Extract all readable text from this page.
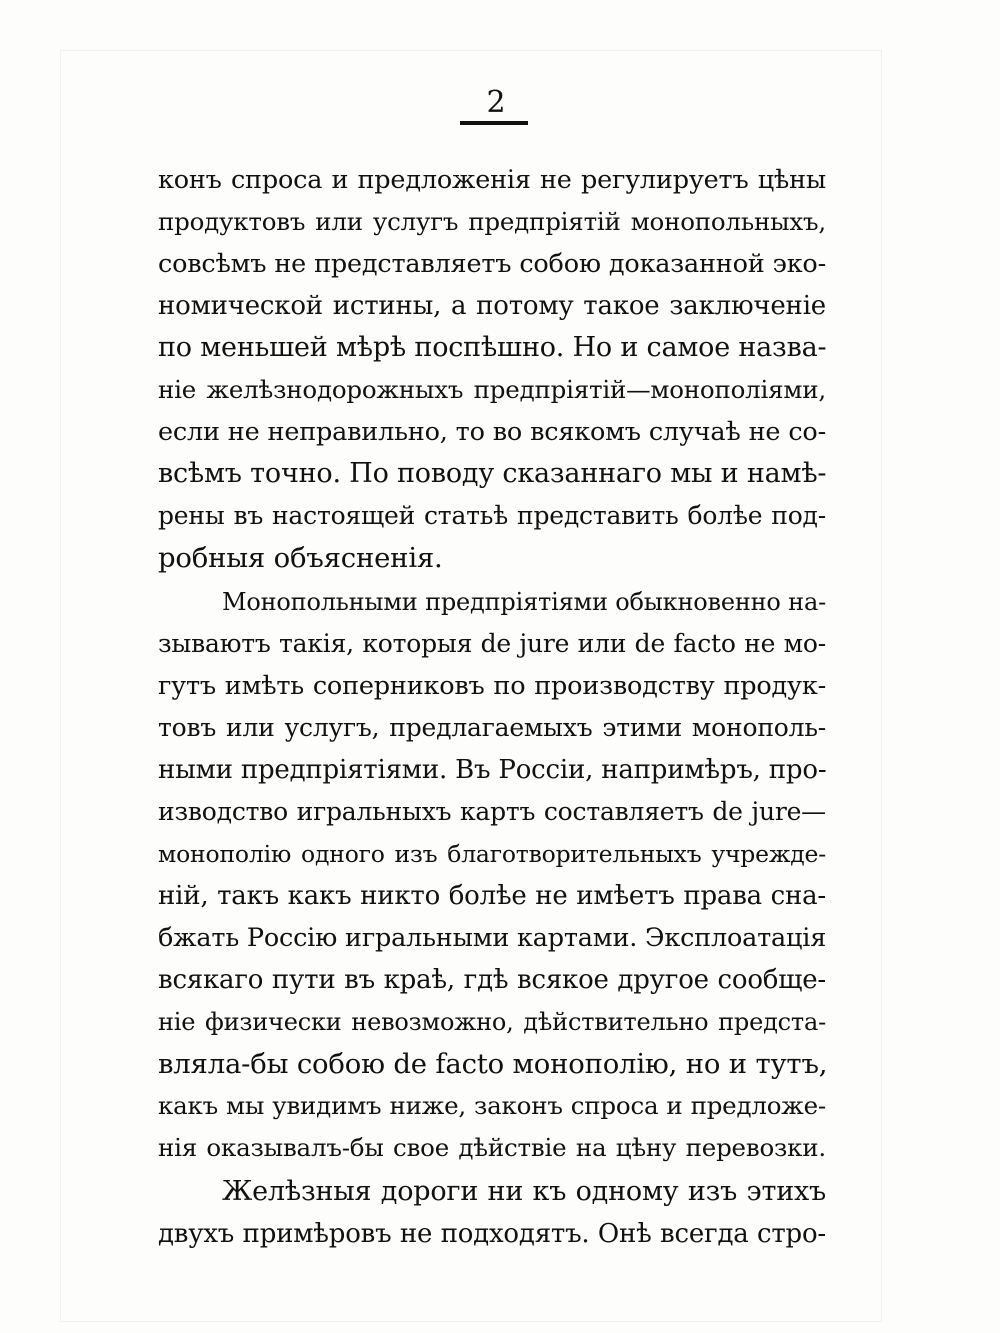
2
конъ спроса и предложенія не регулируетъ цѣны
продуктовъ или услугъ предпріятій монопольныхъ,
совсѣмъ не представляетъ собою доказанной эко-
номической истины, а потому такое заключеніе
по меньшей мѣрѣ поспѣшно. Но и самое назва-
ніе желѣзнодорожныхъ предпріятій—монополіями,
если не неправильно, то во всякомъ случаѣ не со-
всѣмъ точно. По поводу сказаннаго мы и намѣ-
рены въ настоящей статьѣ представить болѣе под-
робныя объясненія.
Монопольными предпріятіями обыкновенно на-
зываютъ такія, которыя de jure или de facto не мо-
гутъ имѣть соперниковъ по производству продук-
товъ или услугъ, предлагаемыхъ этими монополь-
ными предпріятіями. Въ Россіи, напримѣръ, про-
изводство игральныхъ картъ составляетъ de jure—
монополію одного изъ благотворительныхъ учрежде-
ній, такъ какъ никто болѣе не имѣетъ права сна-
бжать Россію игральными картами. Эксплоатація
всякаго пути въ краѣ, гдѣ всякое другое сообще-
ніе физически невозможно, дѣйствительно предста-
вляла-бы собою de facto монополію, но и тутъ,
какъ мы увидимъ ниже, законъ спроса и предложе-
нія оказывалъ-бы свое дѣйствіе на цѣну перевозки.
Желѣзныя дороги ни къ одному изъ этихъ
двухъ примѣровъ не подходятъ. Онѣ всегда стро-
